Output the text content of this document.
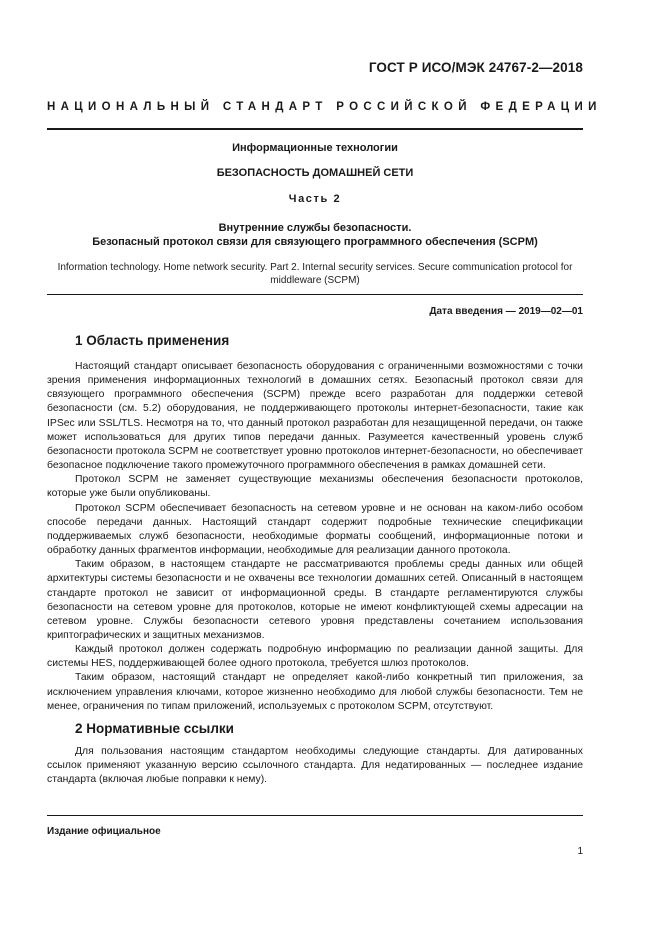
ГОСТ Р ИСО/МЭК 24767-2—2018
НАЦИОНАЛЬНЫЙ СТАНДАРТ РОССИЙСКОЙ ФЕДЕРАЦИИ
Информационные технологии
БЕЗОПАСНОСТЬ ДОМАШНЕЙ СЕТИ
Часть 2
Внутренние службы безопасности.
Безопасный протокол связи для связующего программного обеспечения (SCPM)
Information technology. Home network security. Part 2. Internal security services. Secure communication protocol for middleware (SCPM)
Дата введения — 2019—02—01
1 Область применения

Настоящий стандарт описывает безопасность оборудования с ограниченными возможностями с точки зрения применения информационных технологий в домашних сетях. Безопасный протокол связи для связующего программного обеспечения (SCPM) прежде всего разработан для поддержки сетевой безопасности (см. 5.2) оборудования, не поддерживающего протоколы интернет-безопасности, такие как IPSec или SSL/TLS. Несмотря на то, что данный протокол разработан для незащищенной передачи, он также может использоваться для других типов передачи данных. Разумеется качественный уровень служб безопасности протокола SCPM не соответствует уровню протоколов интернет-безопасности, но обеспечивает безопасное подключение такого промежуточного программного обеспечения в рамках домашней сети.

Протокол SCPM не заменяет существующие механизмы обеспечения безопасности протоколов, которые уже были опубликованы.

Протокол SCPM обеспечивает безопасность на сетевом уровне и не основан на каком-либо особом способе передачи данных. Настоящий стандарт содержит подробные технические спецификации поддерживаемых служб безопасности, необходимые форматы сообщений, информационные потоки и обработку данных фрагментов информации, необходимые для реализации данного протокола.

Таким образом, в настоящем стандарте не рассматриваются проблемы среды данных или общей архитектуры системы безопасности и не охвачены все технологии домашних сетей. Описанный в настоящем стандарте протокол не зависит от информационной среды. В стандарте регламентируются службы безопасности на сетевом уровне для протоколов, которые не имеют конфликтующей схемы адресации на сетевом уровне. Службы безопасности сетевого уровня представлены сочетанием использования криптографических и защитных механизмов.

Каждый протокол должен содержать подробную информацию по реализации данной защиты. Для системы HES, поддерживающей более одного протокола, требуется шлюз протоколов.

Таким образом, настоящий стандарт не определяет какой-либо конкретный тип приложения, за исключением управления ключами, которое жизненно необходимо для любой службы безопасности. Тем не менее, ограничения по типам приложений, используемых с протоколом SCPM, отсутствуют.

2 Нормативные ссылки

Для пользования настоящим стандартом необходимы следующие стандарты. Для датированных ссылок применяют указанную версию ссылочного стандарта. Для недатированных — последнее издание стандарта (включая любые поправки к нему).

Издание официальное
1
